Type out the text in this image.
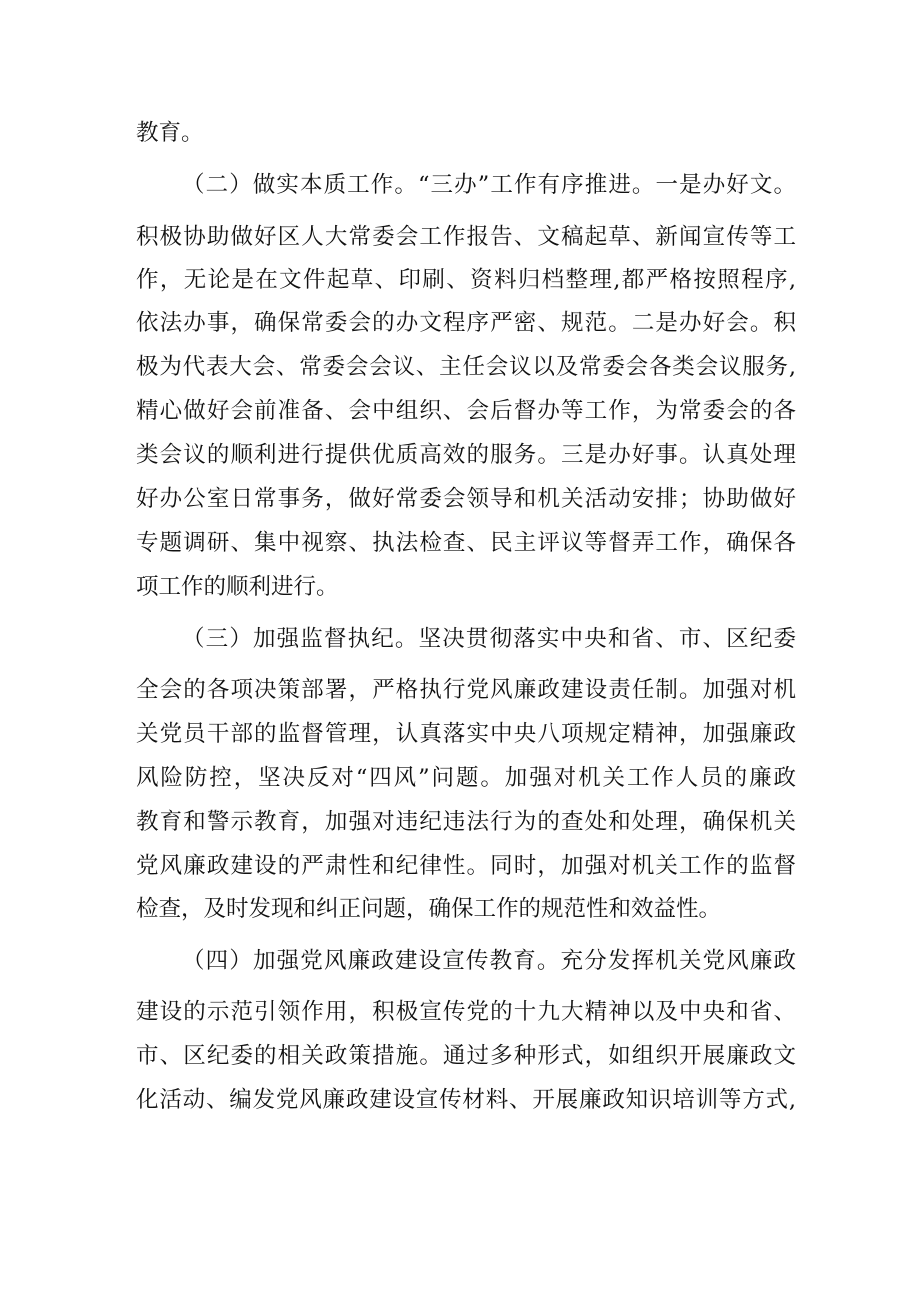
教育。
（二）做实本质工作。“三办”工作有序推进。一是办好文。
积极协助做好区人大常委会工作报告、文稿起草、新闻宣传等工
作，无论是在文件起草、印刷、资料归档整理,都严格按照程序,
依法办事，确保常委会的办文程序严密、规范。二是办好会。积
极为代表大会、常委会会议、主任会议以及常委会各类会议服务,
精心做好会前准备、会中组织、会后督办等工作，为常委会的各
类会议的顺利进行提供优质高效的服务。三是办好事。认真处理
好办公室日常事务，做好常委会领导和机关活动安排；协助做好
专题调研、集中视察、执法检查、民主评议等督弄工作，确保各
项工作的顺利进行。
（三）加强监督执纪。坚决贯彻落实中央和省、市、区纪委
全会的各项决策部署，严格执行党风廉政建设责任制。加强对机
关党员干部的监督管理，认真落实中央八项规定精神，加强廉政
风险防控，坚决反对“四风”问题。加强对机关工作人员的廉政
教育和警示教育，加强对违纪违法行为的查处和处理，确保机关
党风廉政建设的严肃性和纪律性。同时，加强对机关工作的监督
检查，及时发现和纠正问题，确保工作的规范性和效益性。
（四）加强党风廉政建设宣传教育。充分发挥机关党风廉政
建设的示范引领作用，积极宣传党的十九大精神以及中央和省、
市、区纪委的相关政策措施。通过多种形式，如组织开展廉政文
化活动、编发党风廉政建设宣传材料、开展廉政知识培训等方式,
